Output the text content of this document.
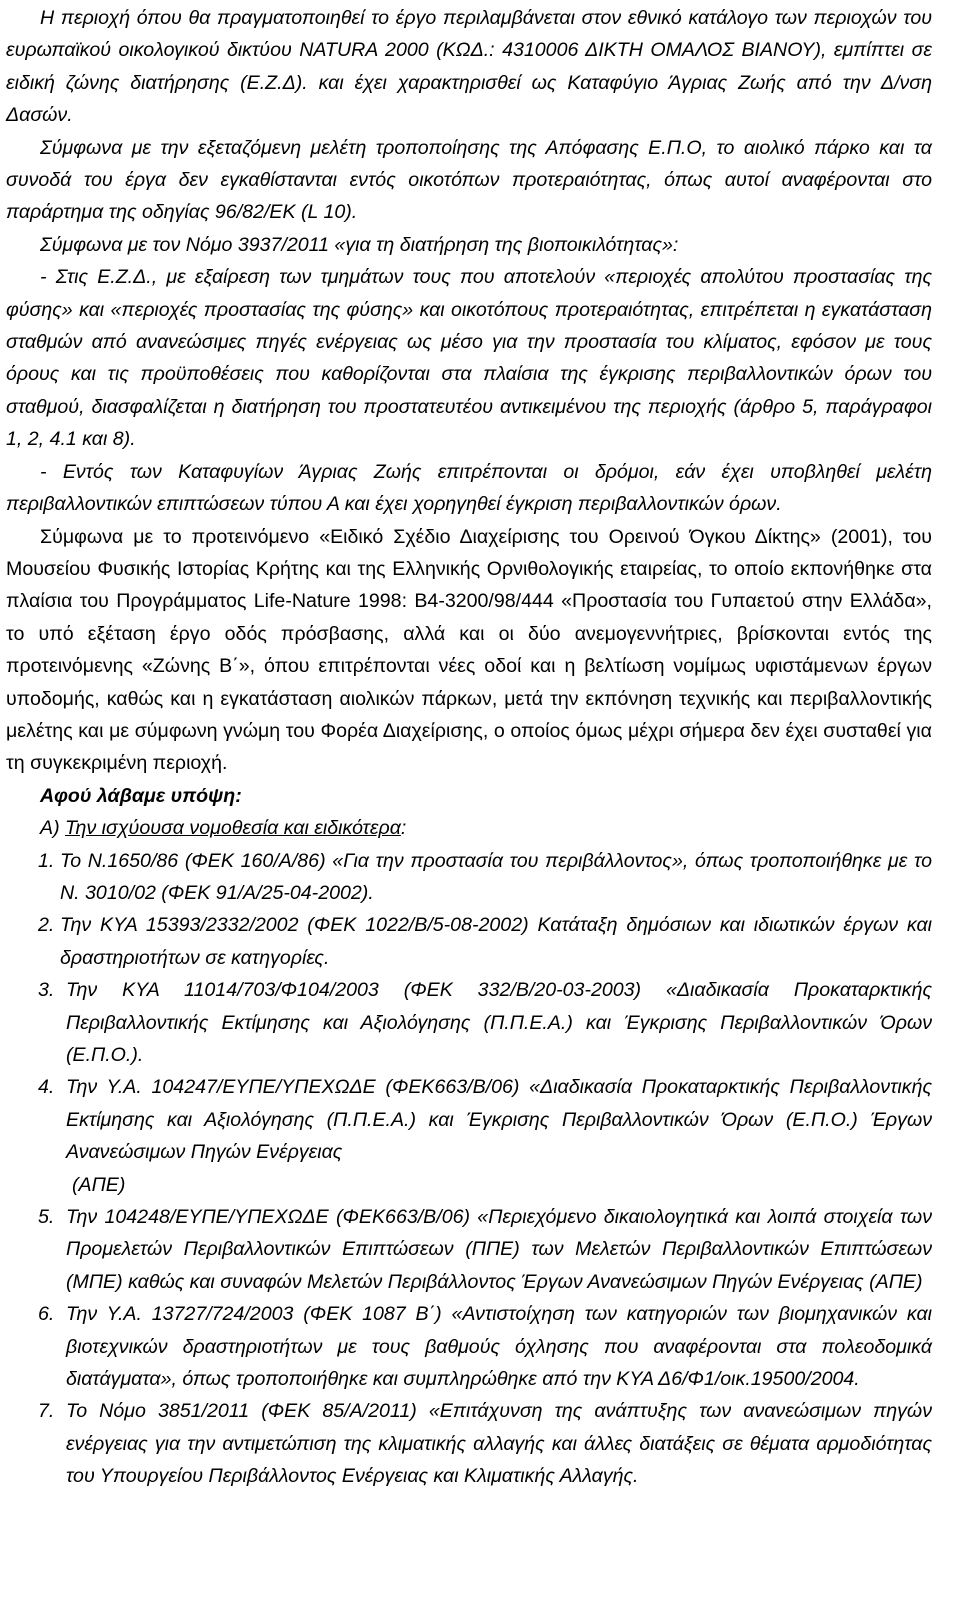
Η περιοχή όπου θα πραγματοποιηθεί το έργο περιλαμβάνεται στον εθνικό κατάλογο των περιοχών του ευρωπαϊκού οικολογικού δικτύου NATURA 2000 (ΚΩΔ.: 4310006 ΔΙΚΤΗ ΟΜΑΛΟΣ ΒΙΑΝΟΥ), εμπίπτει σε ειδική ζώνης διατήρησης (Ε.Ζ.Δ). και έχει χαρακτηρισθεί ως Καταφύγιο Άγριας Ζωής από την Δ/νση Δασών.

Σύμφωνα με την εξεταζόμενη μελέτη τροποποίησης της Απόφασης Ε.Π.Ο, το αιολικό πάρκο και τα συνοδά του έργα δεν εγκαθίστανται εντός οικοτόπων προτεραιότητας, όπως αυτοί αναφέρονται στο παράρτημα της οδηγίας 96/82/ΕΚ (L 10).

Σύμφωνα με τον Νόμο 3937/2011 «για τη διατήρηση της βιοποικιλότητας»:

- Στις Ε.Ζ.Δ., με εξαίρεση των τμημάτων τους που αποτελούν «περιοχές απολύτου προστασίας της φύσης» και «περιοχές προστασίας της φύσης» και οικοτόπους προτεραιότητας, επιτρέπεται η εγκατάσταση σταθμών από ανανεώσιμες πηγές ενέργειας ως μέσο για την προστασία του κλίματος, εφόσον με τους όρους και τις προϋποθέσεις που καθορίζονται στα πλαίσια της έγκρισης περιβαλλοντικών όρων του σταθμού, διασφαλίζεται η διατήρηση του προστατευτέου αντικειμένου της περιοχής (άρθρο 5, παράγραφοι 1, 2, 4.1 και 8).

- Εντός των Καταφυγίων Άγριας Ζωής επιτρέπονται οι δρόμοι, εάν έχει υποβληθεί μελέτη περιβαλλοντικών επιπτώσεων τύπου Α και έχει χορηγηθεί έγκριση περιβαλλοντικών όρων.

Σύμφωνα με το προτεινόμενο «Ειδικό Σχέδιο Διαχείρισης του Ορεινού Όγκου Δίκτης» (2001), του Μουσείου Φυσικής Ιστορίας Κρήτης και της Ελληνικής Ορνιθολογικής εταιρείας, το οποίο εκπονήθηκε στα πλαίσια του Προγράμματος Life-Nature 1998: Β4-3200/98/444 «Προστασία του Γυπαετού στην Ελλάδα», το υπό εξέταση έργο οδός πρόσβασης, αλλά και οι δύο ανεμογεννήτριες, βρίσκονται εντός της προτεινόμενης «Ζώνης Β΄», όπου επιτρέπονται νέες οδοί και η βελτίωση νομίμως υφιστάμενων έργων υποδομής, καθώς και η εγκατάσταση αιολικών πάρκων, μετά την εκπόνηση τεχνικής και περιβαλλοντικής μελέτης και με σύμφωνη γνώμη του Φορέα Διαχείρισης, ο οποίος όμως μέχρι σήμερα δεν έχει συσταθεί για τη συγκεκριμένη περιοχή.

Αφού λάβαμε υπόψη:

Α) Την ισχύουσα νομοθεσία και ειδικότερα:

1. Το Ν.1650/86 (ΦΕΚ 160/Α/86) «Για την προστασία του περιβάλλοντος», όπως τροποποιήθηκε με το Ν. 3010/02 (ΦΕΚ 91/Α/25-04-2002).

2. Την ΚΥΑ 15393/2332/2002 (ΦΕΚ 1022/Β/5-08-2002) Κατάταξη δημόσιων και ιδιωτικών έργων και δραστηριοτήτων σε κατηγορίες.

3. Την ΚΥΑ 11014/703/Φ104/2003 (ΦΕΚ 332/Β/20-03-2003) «Διαδικασία Προκαταρκτικής Περιβαλλοντικής Εκτίμησης και Αξιολόγησης (Π.Π.Ε.Α.) και Έγκρισης Περιβαλλοντικών Όρων (Ε.Π.Ο.).

4. Την Υ.Α. 104247/ΕΥΠΕ/ΥΠΕΧΩΔΕ (ΦΕΚ663/Β/06) «Διαδικασία Προκαταρκτικής Περιβαλλοντικής Εκτίμησης και Αξιολόγησης (Π.Π.Ε.Α.) και Έγκρισης Περιβαλλοντικών Όρων (Ε.Π.Ο.) Έργων Ανανεώσιμων Πηγών Ενέργειας

(ΑΠΕ)

5. Την 104248/ΕΥΠΕ/ΥΠΕΧΩΔΕ (ΦΕΚ663/Β/06) «Περιεχόμενο δικαιολογητικά και λοιπά στοιχεία των Προμελετών Περιβαλλοντικών Επιπτώσεων (ΠΠΕ) των Μελετών Περιβαλλοντικών Επιπτώσεων (ΜΠΕ) καθώς και συναφών Μελετών Περιβάλλοντος Έργων Ανανεώσιμων Πηγών Ενέργειας (ΑΠΕ)

6. Την Υ.Α. 13727/724/2003 (ΦΕΚ 1087 Β΄) «Αντιστοίχηση των κατηγοριών των βιομηχανικών και βιοτεχνικών δραστηριοτήτων με τους βαθμούς όχλησης που αναφέρονται στα πολεοδομικά διατάγματα», όπως τροποποιήθηκε και συμπληρώθηκε από την ΚΥΑ Δ6/Φ1/οικ.19500/2004.

7. Το Νόμο 3851/2011 (ΦΕΚ 85/Α/2011) «Επιτάχυνση της ανάπτυξης των ανανεώσιμων πηγών ενέργειας για την αντιμετώπιση της κλιματικής αλλαγής και άλλες διατάξεις σε θέματα αρμοδιότητας του Υπουργείου Περιβάλλοντος Ενέργειας και Κλιματικής Αλλαγής.
